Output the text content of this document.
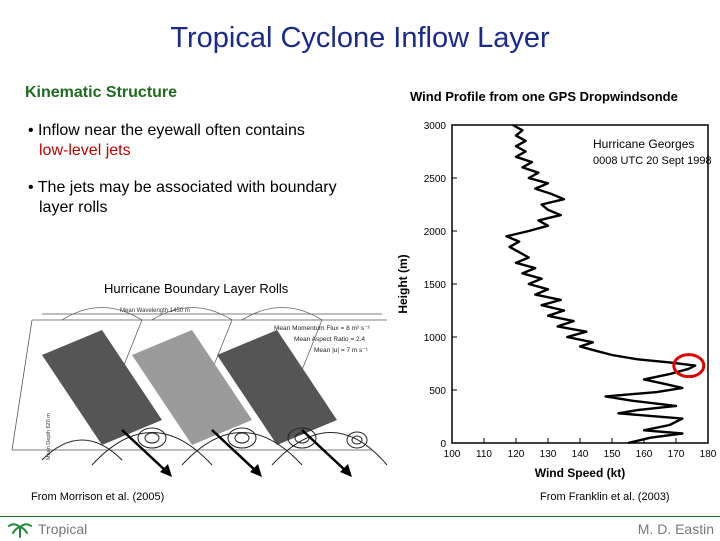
Tropical Cyclone Inflow Layer
Kinematic Structure	Wind Profile from one GPS Dropwindsonde
• Inflow near the eyewall often contains
low-level jets
• The jets may be associated with boundary
layer rolls
Hurricane Boundary Layer Rolls
Mean Wavelength 1450 m
Mean Momentum Flux = 8 m² s⁻²
Mean Aspect Ratio = 2.4
Mean |u| = 7 m s⁻¹
Mean Depth 620 m	100 110 120 130 140 150 160 170 180
0
500
1000
1500
2000
2500
3000
Hurricane Georges
0008 UTC 20 Sept 1998
Wind Speed (kt)
Height (m)
From Morrison et al. (2005)	From Franklin et al. (2003)
Tropical	M. D. Eastin
